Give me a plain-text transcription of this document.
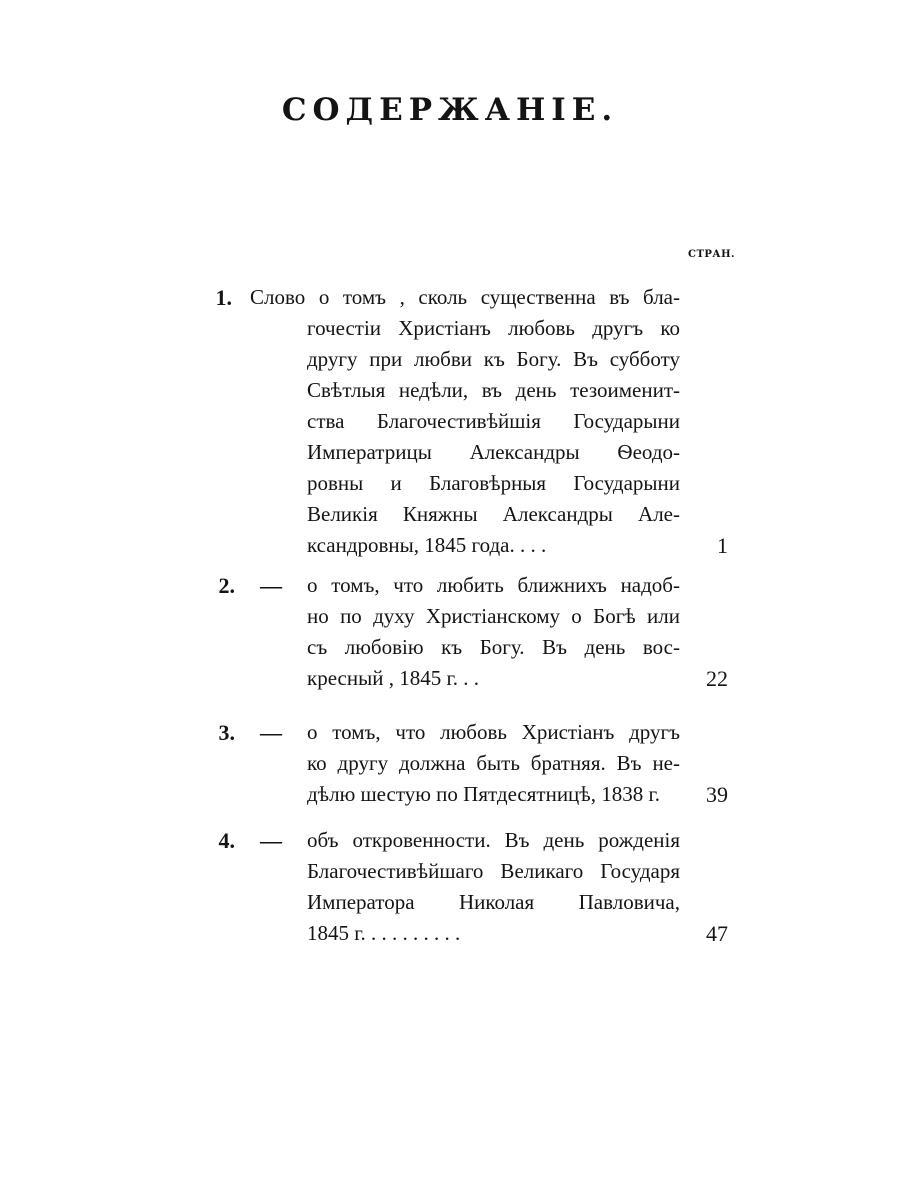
СОДЕРЖАНІЕ.
СТРАН.
1. Слово о томъ , сколь существенна въ бла-
гочестіи Христіанъ любовь другъ ко
другу при любви къ Богу. Въ субботу
Свѣтлыя недѣли, въ день тезоименит-
ства Благочестивѣйшія Государыни
Императрицы Александры Ѳеодо-
ровны и Благовѣрныя Государыни
Великія Княжны Александры Але-
ксандровны, 1845 года. . . .	1
2. — о томъ, что любить ближнихъ надоб-
но по духу Христіанскому о Богѣ или
съ любовію къ Богу. Въ день вос-
кресный , 1845 г. . .	22
3. — о томъ, что любовь Христіанъ другъ
ко другу должна быть братняя. Въ не-
дѣлю шестую по Пятдесятницѣ, 1838 г.	39
4. — объ откровенности. Въ день рожденія
Благочестивѣйшаго Великаго Государя
Императора Николая Павловича,
1845 г. . . . . . . . . .	47
